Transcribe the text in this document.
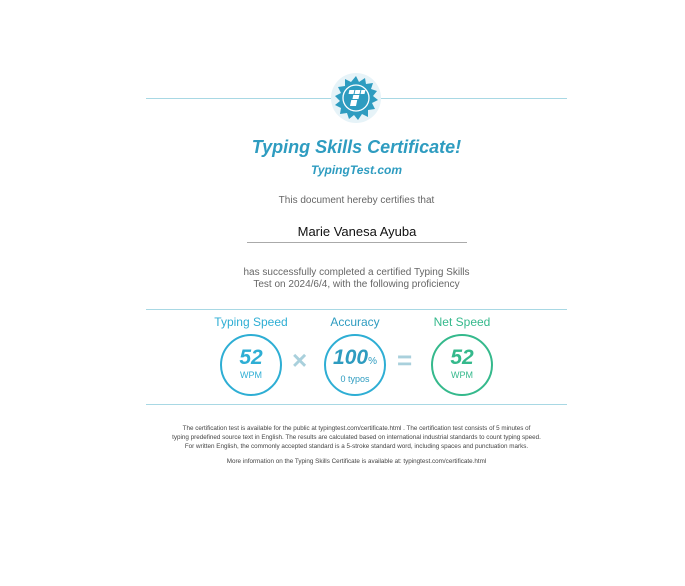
Typing Skills Certificate!
TypingTest.com
This document hereby certifies that
Marie Vanesa Ayuba
has successfully completed a certified Typing Skills
Test on 2024/6/4, with the following proficiency
Typing Speed
52
WPM	×
Accuracy
100%
0 typos
=
Net Speed
52
WPM
The certification test is available for the public at typingtest.com/certificate.html . The certification test consists of 5 minutes of
typing predefined source text in English. The results are calculated based on international industrial standards to count typing speed.
For written English, the commonly accepted standard is a 5-stroke standard word, including spaces and punctuation marks.
More information on the Typing Skills Certificate is available at: typingtest.com/certificate.html
